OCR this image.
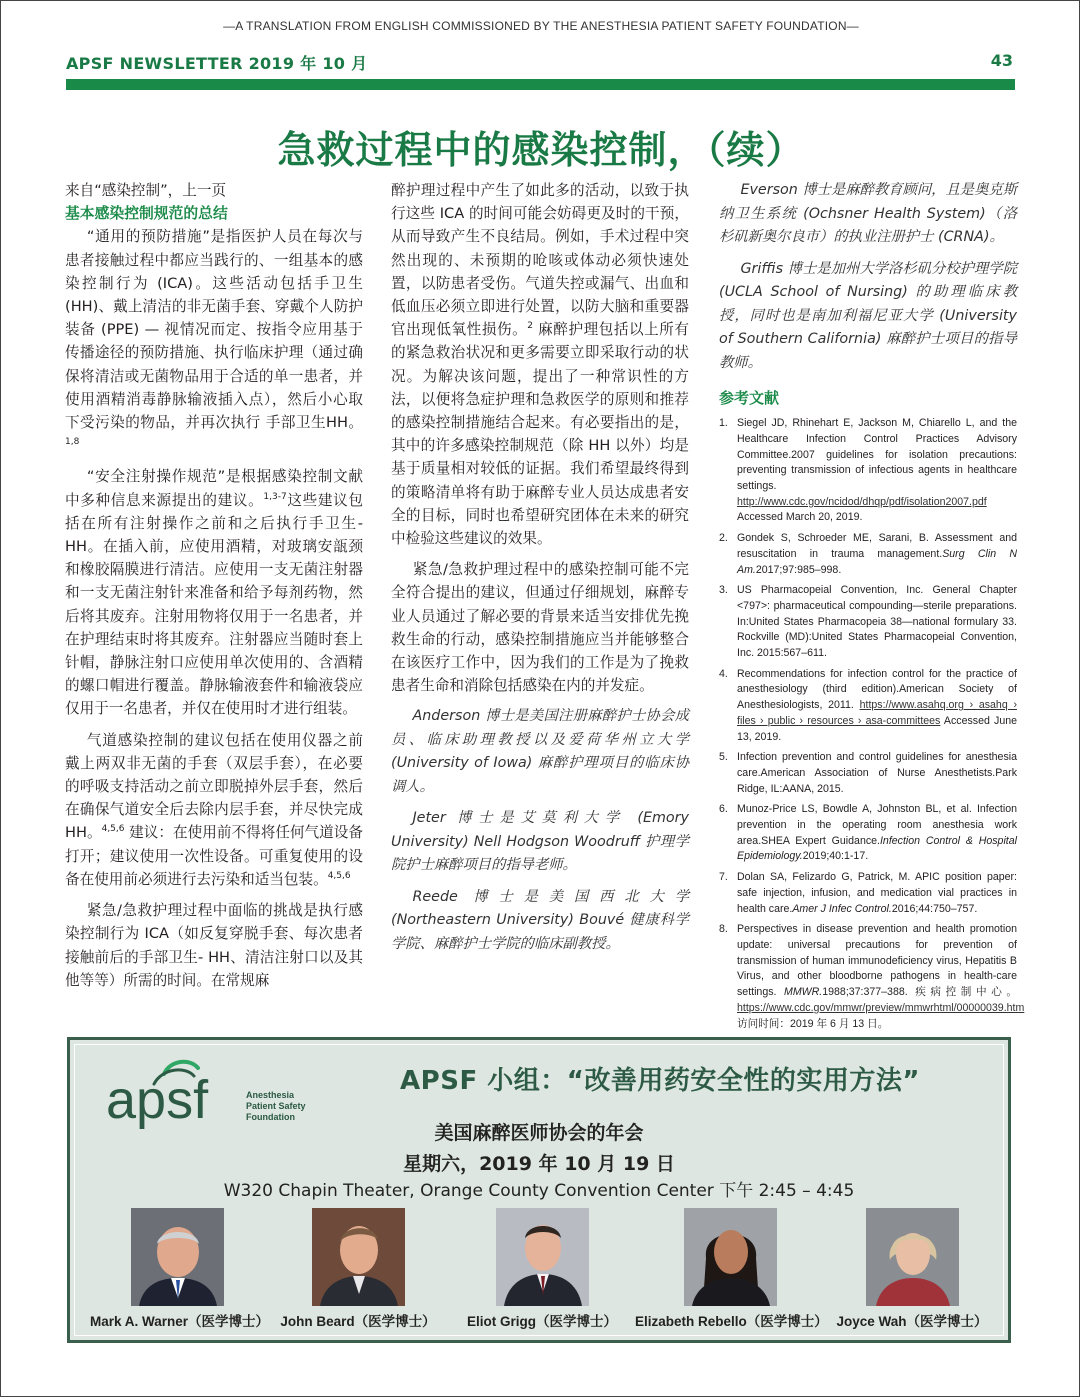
—A TRANSLATION FROM ENGLISH COMMISSIONED BY THE ANESTHESIA PATIENT SAFETY FOUNDATION—
APSF NEWSLETTER 2019 年 10 月	43
急救过程中的感染控制，（续）

来自“感染控制”，上一页

基本感染控制规范的总结

“通用的预防措施”是指医护人员在每次与患者接触过程中都应当践行的、一组基本的感染控制行为 (ICA)。这些活动包括手卫生 (HH)、戴上清洁的非无菌手套、穿戴个人防护装备 (PPE) — 视情况而定、按指令应用基于传播途径的预防措施、执行临床护理（通过确保将清洁或无菌物品用于合适的单一患者，并使用酒精消毒静脉输液插入点），然后小心取下受污染的物品，并再次执行 手部卫生HH。$^{1,8}$

“安全注射操作规范”是根据感染控制文献中多种信息来源提出的建议。$^{1,3-7}$这些建议包括在所有注射操作之前和之后执行手卫生- HH。在插入前，应使用酒精，对玻璃安瓿颈和橡胶隔膜进行清洁。应使用一支无菌注射器和一支无菌注射针来准备和给予每剂药物，然后将其废弃。注射用物将仅用于一名患者，并在护理结束时将其废弃。注射器应当随时套上针帽，静脉注射口应使用单次使用的、含酒精的螺口帽进行覆盖。静脉输液套件和输液袋应仅用于一名患者，并仅在使用时才进行组装。

气道感染控制的建议包括在使用仪器之前戴上两双非无菌的手套（双层手套），在必要的呼吸支持活动之前立即脱掉外层手套，然后在确保气道安全后去除内层手套，并尽快完成 HH。$^{4,5,6}$ 建议：在使用前不得将任何气道设备打开；建议使用一次性设备。可重复使用的设备在使用前必须进行去污染和适当包装。$^{4,5,6}$

紧急/急救护理过程中面临的挑战是执行感染控制行为 ICA（如反复穿脱手套、每次患者接触前后的手部卫生- HH、清洁注射口以及其他等等）所需的时间。在常规麻

醉护理过程中产生了如此多的活动，以致于执行这些 ICA 的时间可能会妨碍更及时的干预，从而导致产生不良结局。例如，手术过程中突然出现的、未预期的呛咳或体动必须快速处置，以防患者受伤。气道失控或漏气、出血和低血压必须立即进行处置，以防大脑和重要器官出现低氧性损伤。$^2$ 麻醉护理包括以上所有的紧急救治状况和更多需要立即采取行动的状况。为解决该问题，提出了一种常识性的方法，以便将急症护理和急救医学的原则和推荐的感染控制措施结合起来。有必要指出的是，其中的许多感染控制规范（除 HH 以外）均是基于质量相对较低的证据。我们希望最终得到的策略清单将有助于麻醉专业人员达成患者安全的目标，同时也希望研究团体在未来的研究中检验这些建议的效果。

紧急/急救护理过程中的感染控制可能不完全符合提出的建议，但通过仔细规划，麻醉专业人员通过了解必要的背景来适当安排优先挽救生命的行动，感染控制措施应当并能够整合在该医疗工作中，因为我们的工作是为了挽救患者生命和消除包括感染在内的并发症。

Anderson 博士是美国注册麻醉护士协会成员、临床助理教授以及爱荷华州立大学 (University of Iowa) 麻醉护理项目的临床协调人。

Jeter 博士是艾莫利大学 (Emory University) Nell Hodgson Woodruff 护理学院护士麻醉项目的指导老师。

Reede 博士是美国西北大学 (Northeastern University) Bouvé 健康科学学院、麻醉护士学院的临床副教授。

Everson 博士是麻醉教育顾问，且是奥克斯纳卫生系统 (Ochsner Health System)（洛杉矶新奥尔良市）的执业注册护士 (CRNA)。

Griffis 博士是加州大学洛杉矶分校护理学院 (UCLA School of Nursing) 的助理临床教授，同时也是南加利福尼亚大学 (University of Southern California) 麻醉护士项目的指导教师。

参考文献

1. Siegel JD, Rhinehart E, Jackson M, Chiarello L, and the Healthcare Infection Control Practices Advisory Committee.2007 guidelines for isolation precautions: preventing transmission of infectious agents in healthcare settings. http://www.cdc.gov/ncidod/dhqp/pdf/isolation2007.pdf Accessed March 20, 2019.
2. Gondek S, Schroeder ME, Sarani, B. Assessment and resuscitation in trauma management.Surg Clin N Am.2017;97:985–998.
3. US Pharmacopeial Convention, Inc. General Chapter <797>: pharmaceutical compounding—sterile preparations. In:United States Pharmacopeia 38—national formulary 33. Rockville (MD):United States Pharmacopeial Convention, Inc. 2015:567–611.
4. Recommendations for infection control for the practice of anesthesiology (third edition).American Society of Anesthesiologists, 2011. https://www.asahq.org › asahq › files › public › resources › asa-committees Accessed June 13, 2019.
5. Infection prevention and control guidelines for anesthesia care.American Association of Nurse Anesthetists.Park Ridge, IL:AANA, 2015.
6. Munoz-Price LS, Bowdle A, Johnston BL, et al. Infection prevention in the operating room anesthesia work area.SHEA Expert Guidance.Infection Control & Hospital Epidemiology.2019;40:1-17.
7. Dolan SA, Felizardo G, Patrick, M. APIC position paper: safe injection, infusion, and medication vial practices in health care.Amer J Infec Control.2016;44:750–757.
8. Perspectives in disease prevention and health promotion update: universal precautions for prevention of transmission of human immunodeficiency virus, Hepatitis B Virus, and other bloodborne pathogens in health-care settings. MMWR.1988;37:377–388. 疾病控制中心。https://www.cdc.gov/mmwr/preview/mmwrhtml/00000039.htm 访问时间：2019 年 6 月 13 日。
apsf	Anesthesia
Patient Safety
Foundation
APSF 小组：“改善用药安全性的实用方法”
美国麻醉医师协会的年会
星期六，2019 年 10 月 19 日
W320 Chapin Theater, Orange County Convention Center 下午 2:45 – 4:45
Mark A. Warner（医学博士） John Beard（医学博士）	Eliot Grigg（医学博士）	Elizabeth Rebello（医学博士） Joyce Wah（医学博士）
